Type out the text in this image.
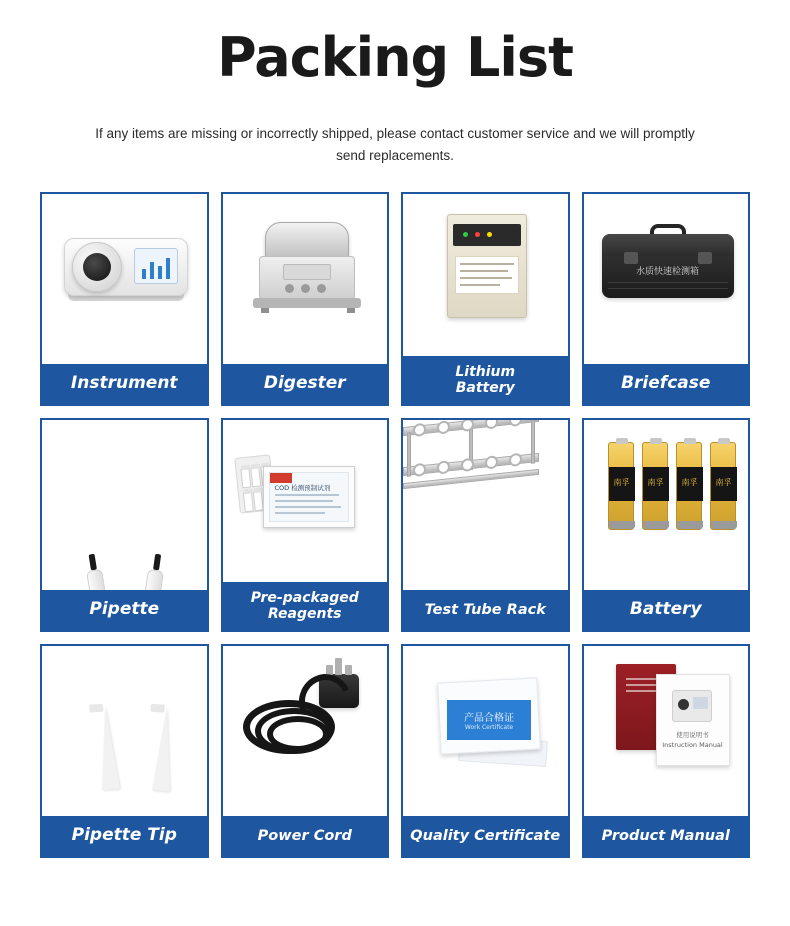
Packing List
If any items are missing or incorrectly shipped, please contact customer service and we will promptly send replacements.
Instrument	Digester
Lithium
Battery
水质快速检测箱
Briefcase
Pipette
COD 检测预制试剂
Pre-packaged
Reagents	Test Tube Rack
南孚	南孚	南孚	南孚
Battery
Pipette Tip	Power Cord
产品合格证
Work Certificate
Quality Certificate
使用说明书
Instruction Manual
Product Manual
